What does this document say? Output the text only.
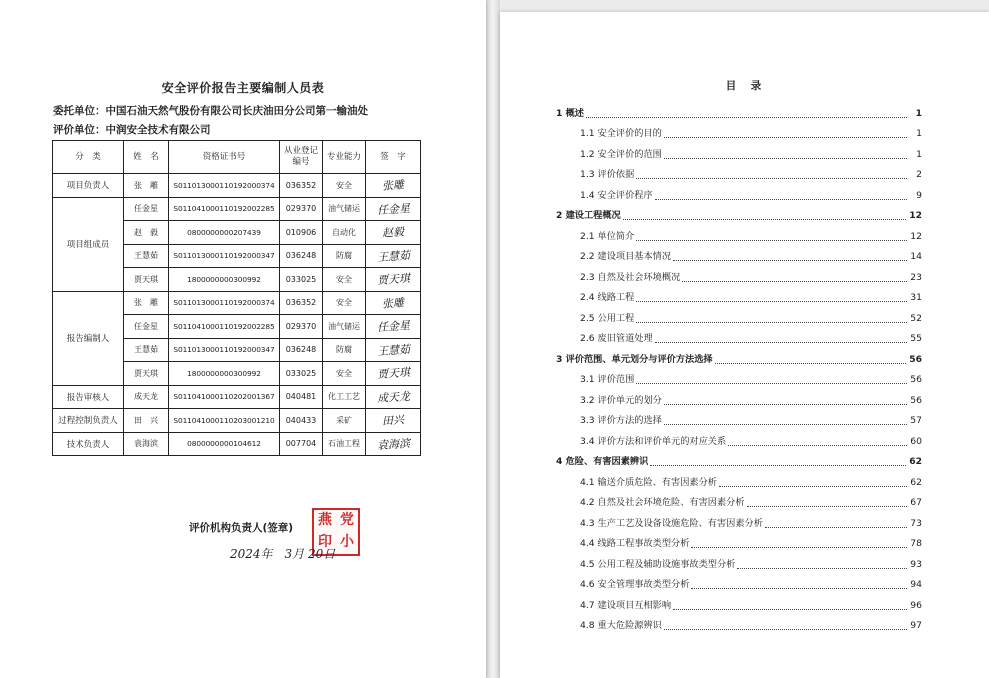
安全评价报告主要编制人员表
委托单位：中国石油天然气股份有限公司长庆油田分公司第一输油处
评价单位：中润安全技术有限公司
分　类	姓　名	资格证书号	从业登记编号	专业能力	签　字
项目负责人	张　雕	S011013000110192000374	036352	安全	张雕
项目组成员	任金星	S011041000110192002285	029370	油气储运	任金星
	赵　毅	0800000000207439	010906	自动化	赵毅
	王慧茹	S011013000110192000347	036248	防腐	王慧茹
	贾天琪	1800000000300992	033025	安全	贾天琪
报告编制人	张　雕	S011013000110192000374	036352	安全	张雕
	任金星	S011041000110192002285	029370	油气储运	任金星
	王慧茹	S011013000110192000347	036248	防腐	王慧茹
	贾天琪	1800000000300992	033025	安全	贾天琪
报告审核人	成天龙	S011041000110202001367	040481	化工工艺	成天龙
过程控制负责人	田　兴	S011041000110203001210	040433	采矿	田兴
技术负责人	袁海滨	0800000000104612	007704	石油工程	袁海滨
评价机构负责人(签章) 燕 党
印 小
2024年　3月 20日
目　录
1 概述	1
1.1 安全评价的目的	1
1.2 安全评价的范围	1
1.3 评价依据	2
1.4 安全评价程序	9
2 建设工程概况	12
2.1 单位简介	12
2.2 建设项目基本情况	14
2.3 自然及社会环境概况	23
2.4 线路工程	31
2.5 公用工程	52
2.6 废旧管道处理	55
3 评价范围、单元划分与评价方法选择	56
3.1 评价范围	56
3.2 评价单元的划分	56
3.3 评价方法的选择	57
3.4 评价方法和评价单元的对应关系	60
4 危险、有害因素辨识	62
4.1 输送介质危险、有害因素分析	62
4.2 自然及社会环境危险、有害因素分析	67
4.3 生产工艺及设备设施危险、有害因素分析	73
4.4 线路工程事故类型分析	78
4.5 公用工程及辅助设施事故类型分析	93
4.6 安全管理事故类型分析	94
4.7 建设项目互相影响	96
4.8 重大危险源辨识	97
